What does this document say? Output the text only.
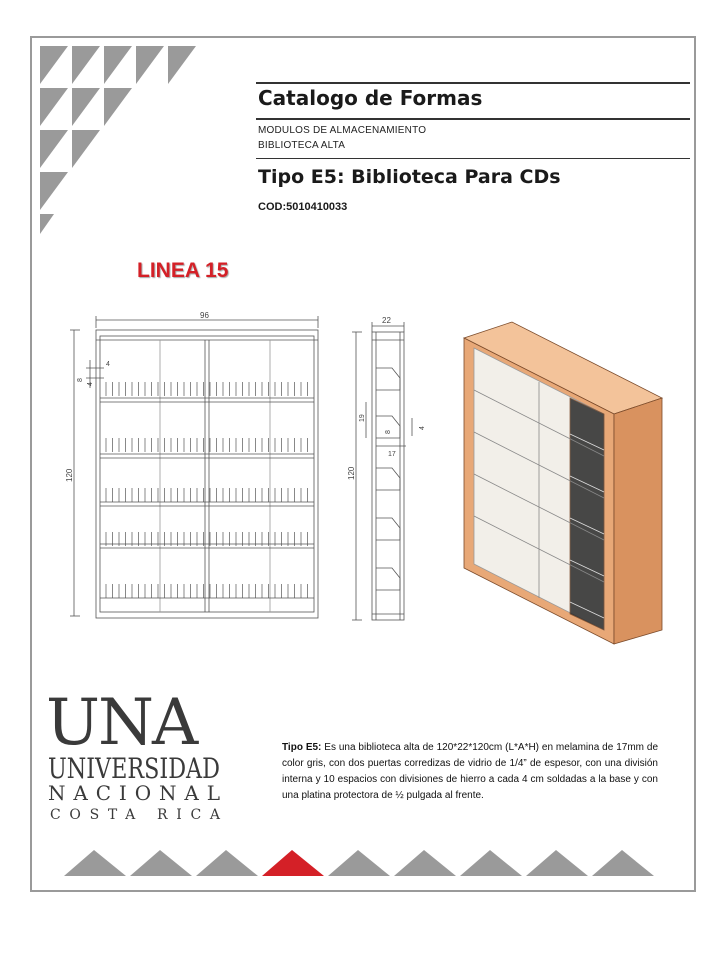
Catalogo de Formas
MODULOS DE ALMACENAMIENTO
BIBLIOTECA ALTA
Tipo E5: Biblioteca Para CDs
COD:5010410033
LINEA 15
96
120
4
8
4
22
120
19
8
4
17
UNA
UNIVERSIDAD
NACIONAL
COSTA RICA
Tipo E5: Es una biblioteca alta de 120*22*120cm (L*A*H) en melamina de 17mm de color gris, con dos puertas corredizas de vidrio de 1/4” de espesor, con una división interna y 10 espacios con divisiones de hierro a cada 4 cm soldadas a la base y con una platina protectora de ½ pulgada al frente.
